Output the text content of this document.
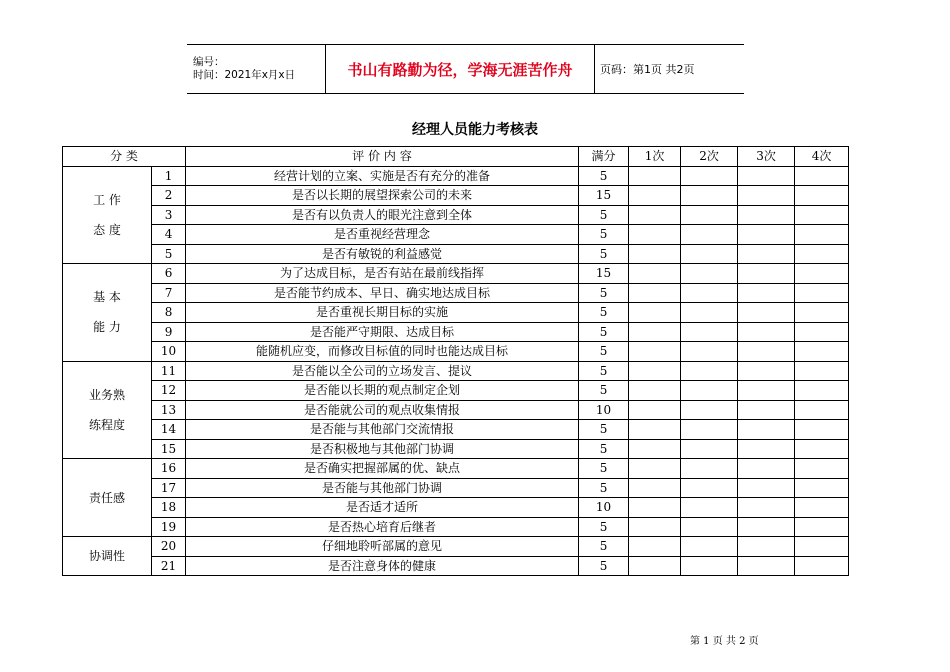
编号：
时间：2021年x月x日	书山有路勤为径，学海无涯苦作舟	页码：第1页 共2页
经理人员能力考核表
分 类		评 价 内 容	满分	1次	2次	3次	4次

工 作
态 度	1	经营计划的立案、实施是否有充分的准备	5				
	2	是否以长期的展望探索公司的未来	15				
	3	是否有以负责人的眼光注意到全体	5				
	4	是否重视经营理念	5				
	5	是否有敏锐的利益感觉	5				

基 本
能 力	6	为了达成目标，是否有站在最前线指挥	15				
	7	是否能节约成本、早日、确实地达成目标	5				
	8	是否重视长期目标的实施	5				
	9	是否能严守期限、达成目标	5				
	10	能随机应变，而修改目标值的同时也能达成目标	5				

业务熟
练程度	11	是否能以全公司的立场发言、提议	5				
	12	是否能以长期的观点制定企划	5				
	13	是否能就公司的观点收集情报	10				
	14	是否能与其他部门交流情报	5				
	15	是否积极地与其他部门协调	5				

责任感	16	是否确实把握部属的优、缺点	5				
	17	是否能与其他部门协调	5				
	18	是否适才适所	10				
	19	是否热心培育后继者	5				

协调性	20	仔细地聆听部属的意见	5				
	21	是否注意身体的健康	5				
第 1 页 共 2 页
